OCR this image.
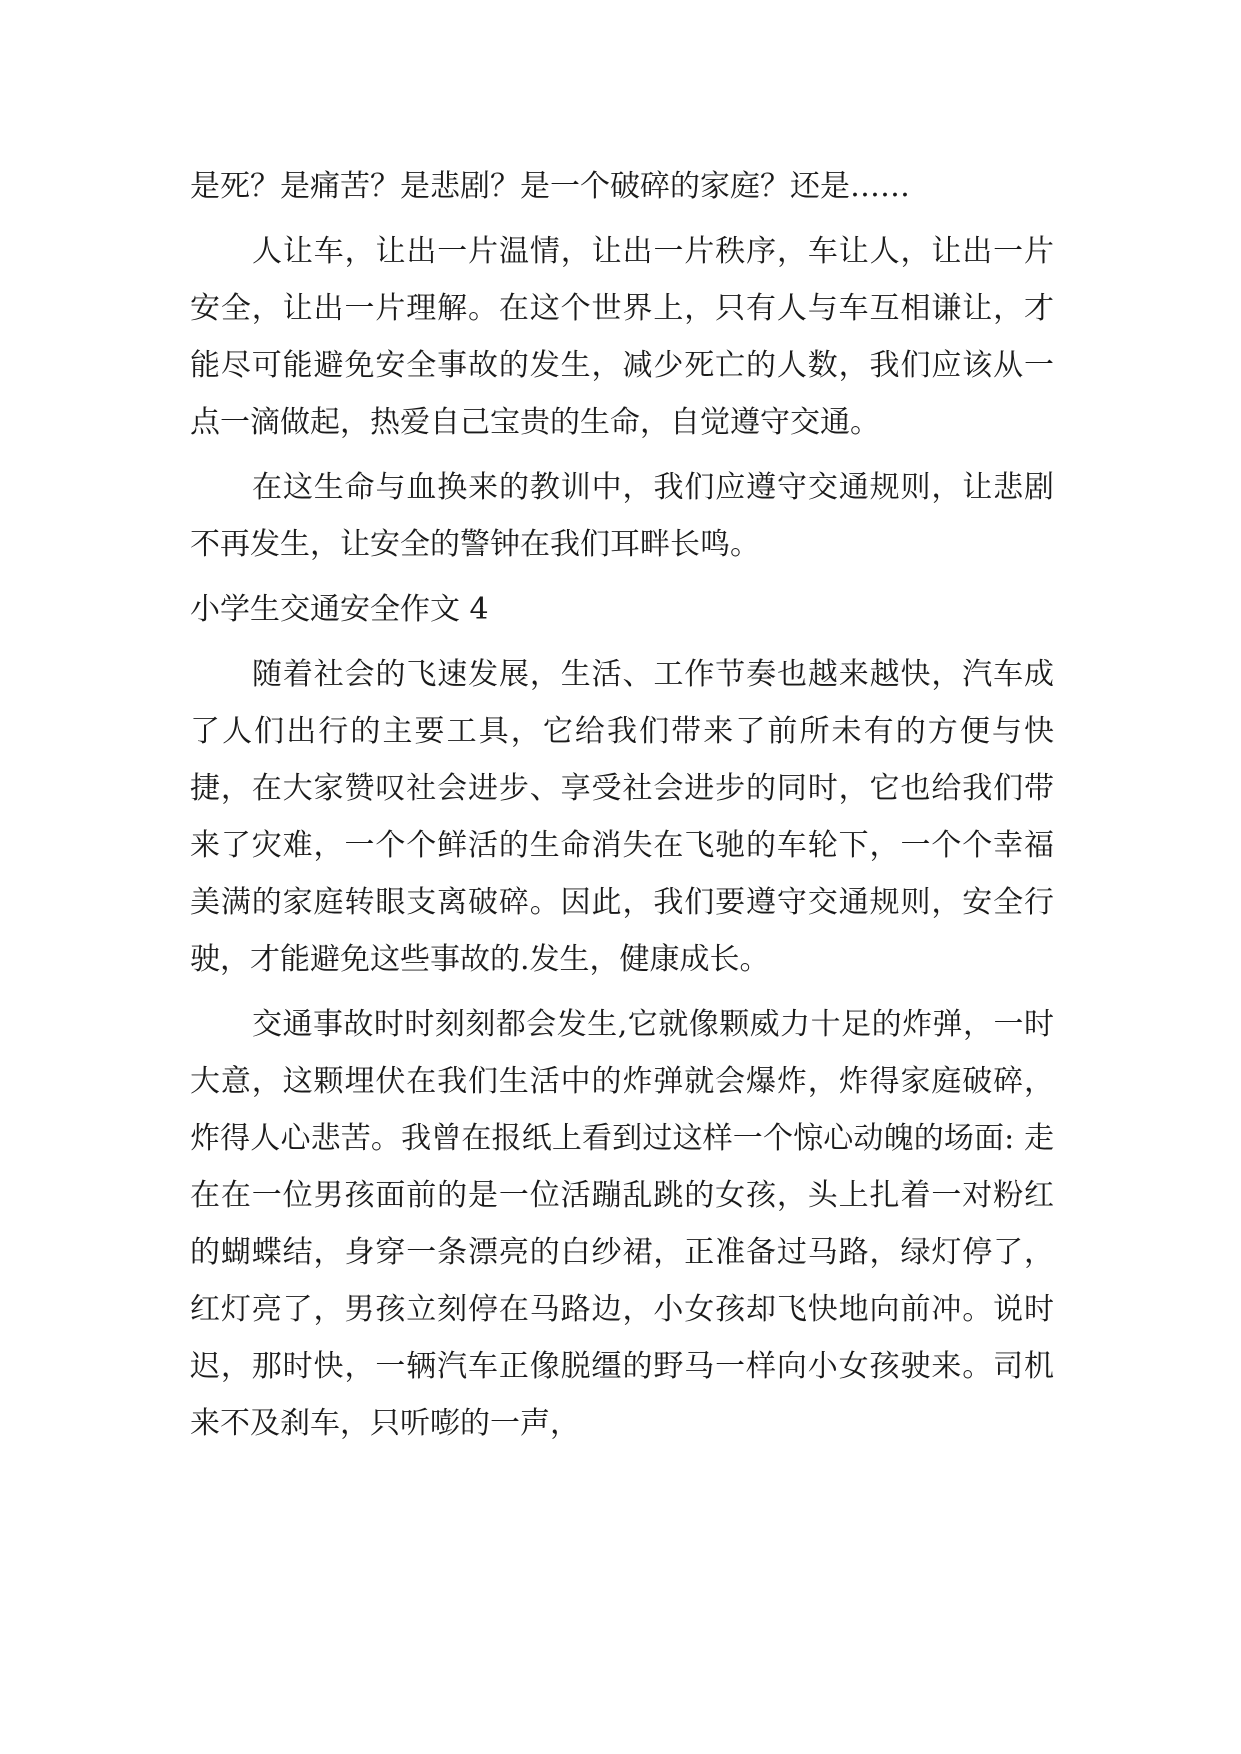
是死？是痛苦？是悲剧？是一个破碎的家庭？还是……

人让车，让出一片温情，让出一片秩序，车让人，让出一片安全，让出一片理解。在这个世界上，只有人与车互相谦让，才能尽可能避免安全事故的发生，减少死亡的人数，我们应该从一点一滴做起，热爱自己宝贵的生命，自觉遵守交通。

在这生命与血换来的教训中，我们应遵守交通规则，让悲剧不再发生，让安全的警钟在我们耳畔长鸣。

小学生交通安全作文 4

随着社会的飞速发展，生活、工作节奏也越来越快，汽车成了人们出行的主要工具，它给我们带来了前所未有的方便与快捷，在大家赞叹社会进步、享受社会进步的同时，它也给我们带来了灾难，一个个鲜活的生命消失在飞驰的车轮下，一个个幸福美满的家庭转眼支离破碎。因此，我们要遵守交通规则，安全行驶，才能避免这些事故的.发生，健康成长。

交通事故时时刻刻都会发生,它就像颗威力十足的炸弹，一时大意，这颗埋伏在我们生活中的炸弹就会爆炸，炸得家庭破碎，炸得人心悲苦。我曾在报纸上看到过这样一个惊心动魄的场面: 走在在一位男孩面前的是一位活蹦乱跳的女孩，头上扎着一对粉红的蝴蝶结，身穿一条漂亮的白纱裙，正准备过马路，绿灯停了，红灯亮了，男孩立刻停在马路边，小女孩却飞快地向前冲。说时迟，那时快，一辆汽车正像脱缰的野马一样向小女孩驶来。司机来不及刹车，只听嘭的一声，
